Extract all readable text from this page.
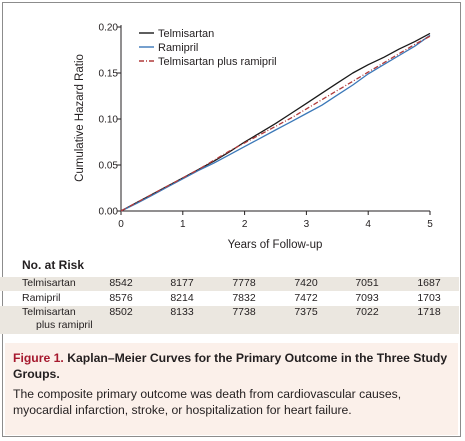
0.00
0.05
0.10
0.15
0.20
0	1	2	3	4	5
Cumulative Hazard Ratio
Years of Follow-up
Telmisartan
Ramipril
Telmisartan plus ramipril
No. at Risk
Telmisartan	8542	8177	7778	7420	7051	1687
Ramipril	8576	8214	7832	7472	7093	1703
Telmisartan
plus ramipril
8502	8133	7738	7375	7022	1718
Figure 1. Kaplan–Meier Curves for the Primary Outcome in the Three Study Groups.
The composite primary outcome was death from cardiovascular causes, myocardial infarction, stroke, or hospitalization for heart failure.
